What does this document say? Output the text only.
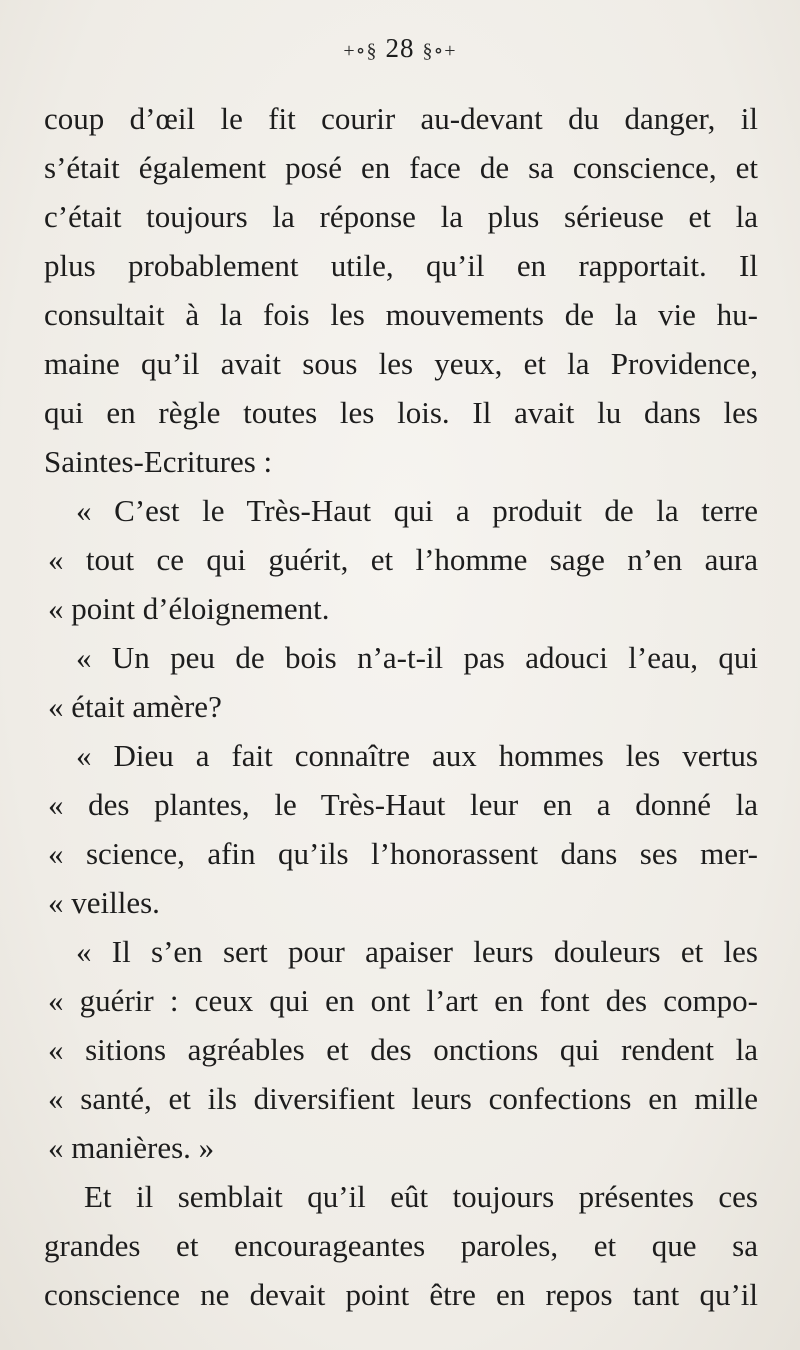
+∘§ 28 §∘+
coup d’œil le fit courir au-devant du danger, il
s’était également posé en face de sa conscience, et
c’était toujours la réponse la plus sérieuse et la
plus probablement utile, qu’il en rapportait. Il
consultait à la fois les mouvements de la vie hu-
maine qu’il avait sous les yeux, et la Providence,
qui en règle toutes les lois. Il avait lu dans les
Saintes-Ecritures :
« C’est le Très-Haut qui a produit de la terre
« tout ce qui guérit, et l’homme sage n’en aura
« point d’éloignement.
« Un peu de bois n’a-t-il pas adouci l’eau, qui
« était amère?
« Dieu a fait connaître aux hommes les vertus
« des plantes, le Très-Haut leur en a donné la
« science, afin qu’ils l’honorassent dans ses mer-
« veilles.
« Il s’en sert pour apaiser leurs douleurs et les
« guérir : ceux qui en ont l’art en font des compo-
« sitions agréables et des onctions qui rendent la
« santé, et ils diversifient leurs confections en mille
« manières. »
Et il semblait qu’il eût toujours présentes ces
grandes et encourageantes paroles, et que sa
conscience ne devait point être en repos tant qu’il
